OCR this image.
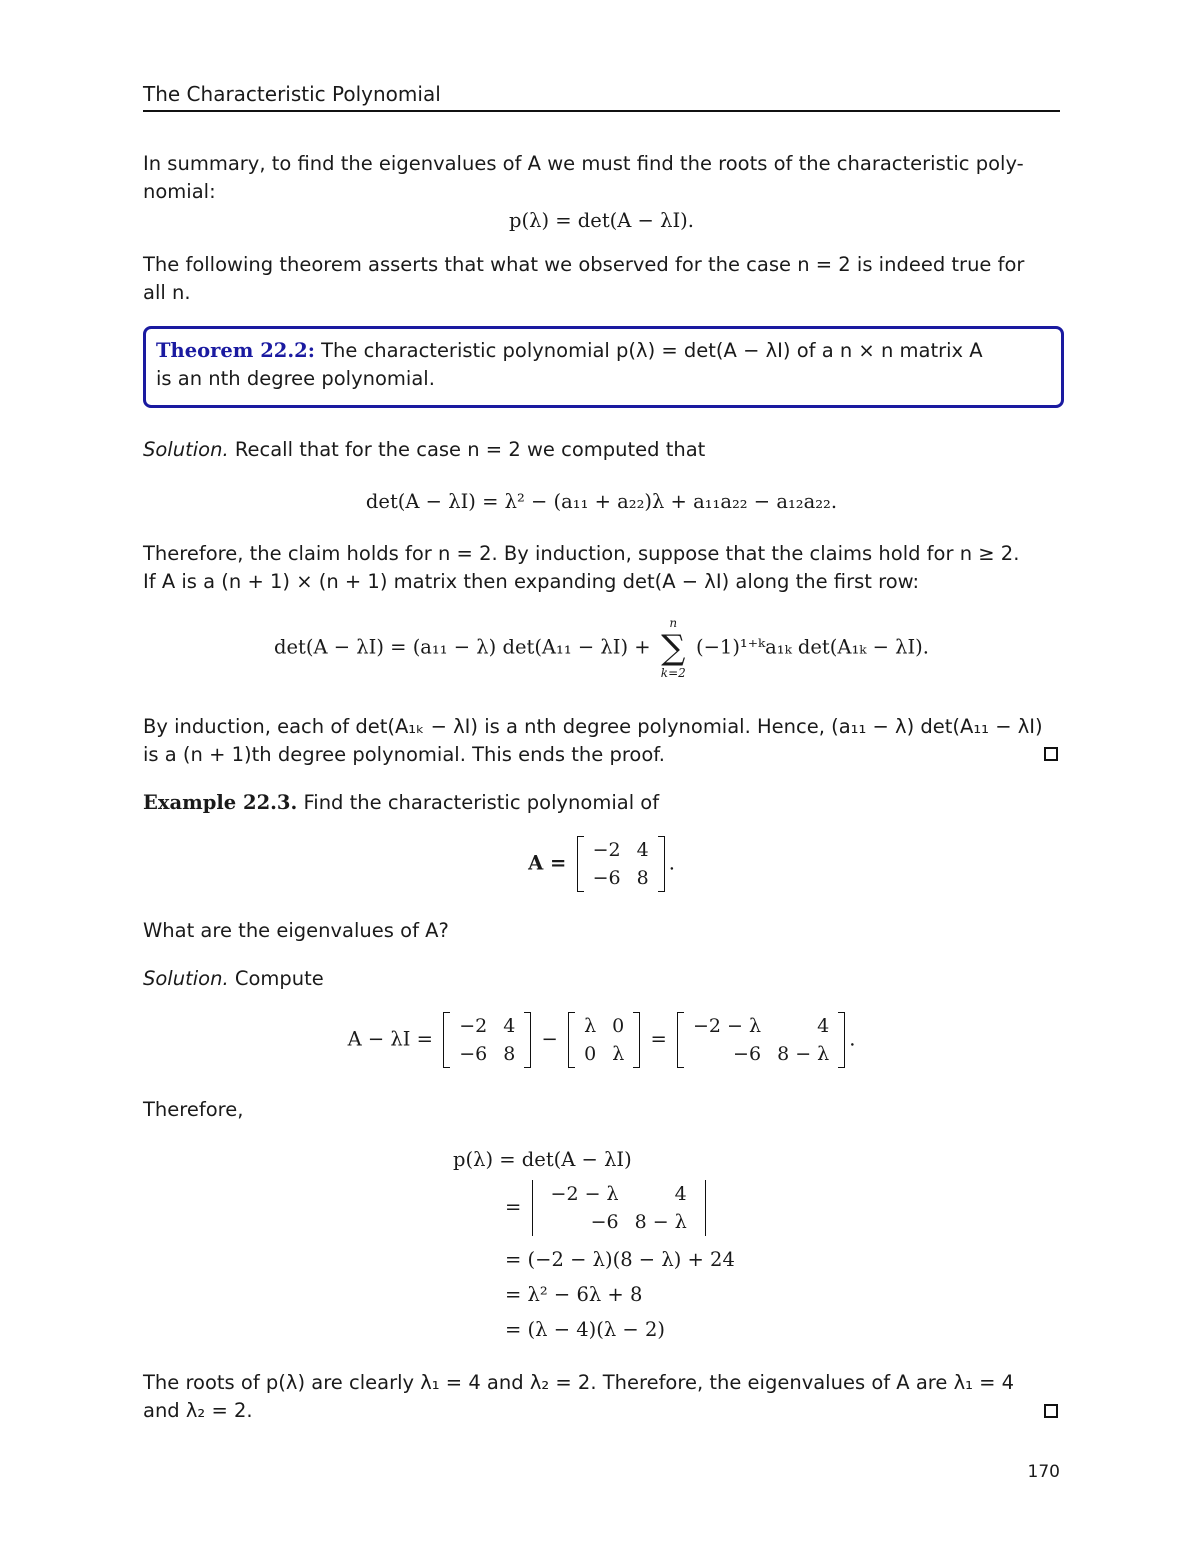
The Characteristic Polynomial
In summary, to find the eigenvalues of A we must find the roots of the characteristic poly-
nomial:
p(λ) = det(A − λI).
The following theorem asserts that what we observed for the case n = 2 is indeed true for
all n.
Theorem 22.2: The characteristic polynomial p(λ) = det(A − λI) of a n × n matrix A
is an nth degree polynomial.
Solution. Recall that for the case n = 2 we computed that
det(A − λI) = λ² − (a₁₁ + a₂₂)λ + a₁₁a₂₂ − a₁₂a₂₂.
Therefore, the claim holds for n = 2. By induction, suppose that the claims hold for n ≥ 2.
If A is a (n + 1) × (n + 1) matrix then expanding det(A − λI) along the first row:
det(A − λI) = (a₁₁ − λ) det(A₁₁ − λI) +
n
∑
k=2
(−1)¹⁺ᵏa₁ₖ det(A₁ₖ − λI).
By induction, each of det(A₁ₖ − λI) is a nth degree polynomial. Hence, (a₁₁ − λ) det(A₁₁ − λI)
is a (n + 1)th degree polynomial. This ends the proof.
Example 22.3. Find the characteristic polynomial of
A =
−2	4
−6	8
.
What are the eigenvalues of A?
Solution. Compute
A − λI =
−2	4
−6	8
−
λ	0
0	λ
=
−2 − λ	4
−6	8 − λ
.
Therefore,
p(λ) = det(A − λI)
=
−2 − λ	4
−6	8 − λ
= (−2 − λ)(8 − λ) + 24
= λ² − 6λ + 8
= (λ − 4)(λ − 2)
The roots of p(λ) are clearly λ₁ = 4 and λ₂ = 2. Therefore, the eigenvalues of A are λ₁ = 4
and λ₂ = 2.
170
